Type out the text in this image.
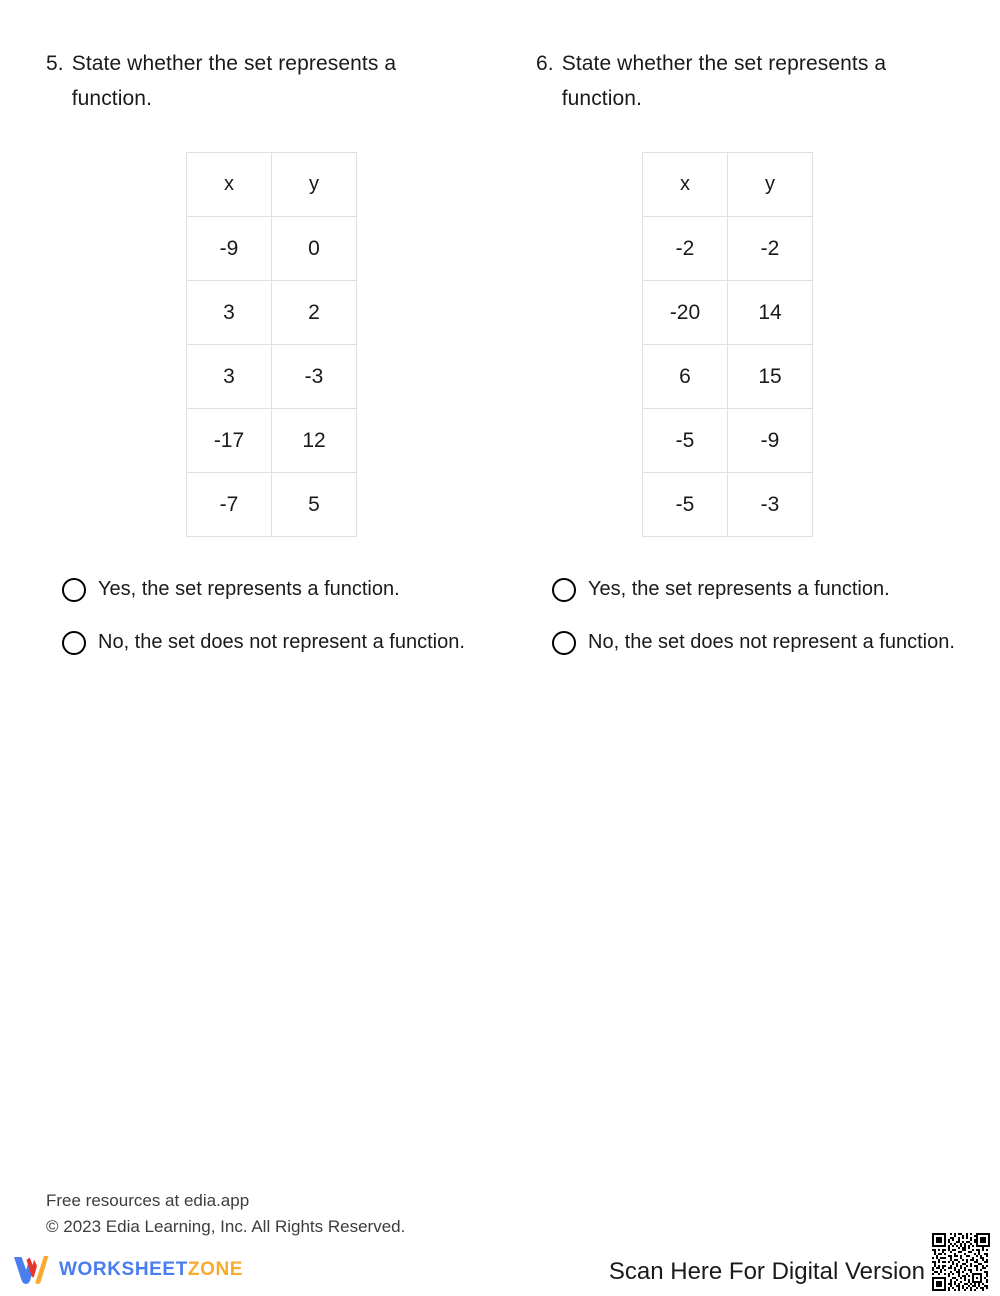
5. State whether the set represents a function.
x	y
-9	0
3	2
3	-3
-17	12
-7	5
Yes, the set represents a function.
No, the set does not represent a function.
6. State whether the set represents a function.
x	y
-2	-2
-20	14
6	15
-5	-9
-5	-3
Yes, the set represents a function.
No, the set does not represent a function.
Free resources at edia.app
© 2023 Edia Learning, Inc. All Rights Reserved.
WORKSHEETZONE	Scan Here For Digital Version
